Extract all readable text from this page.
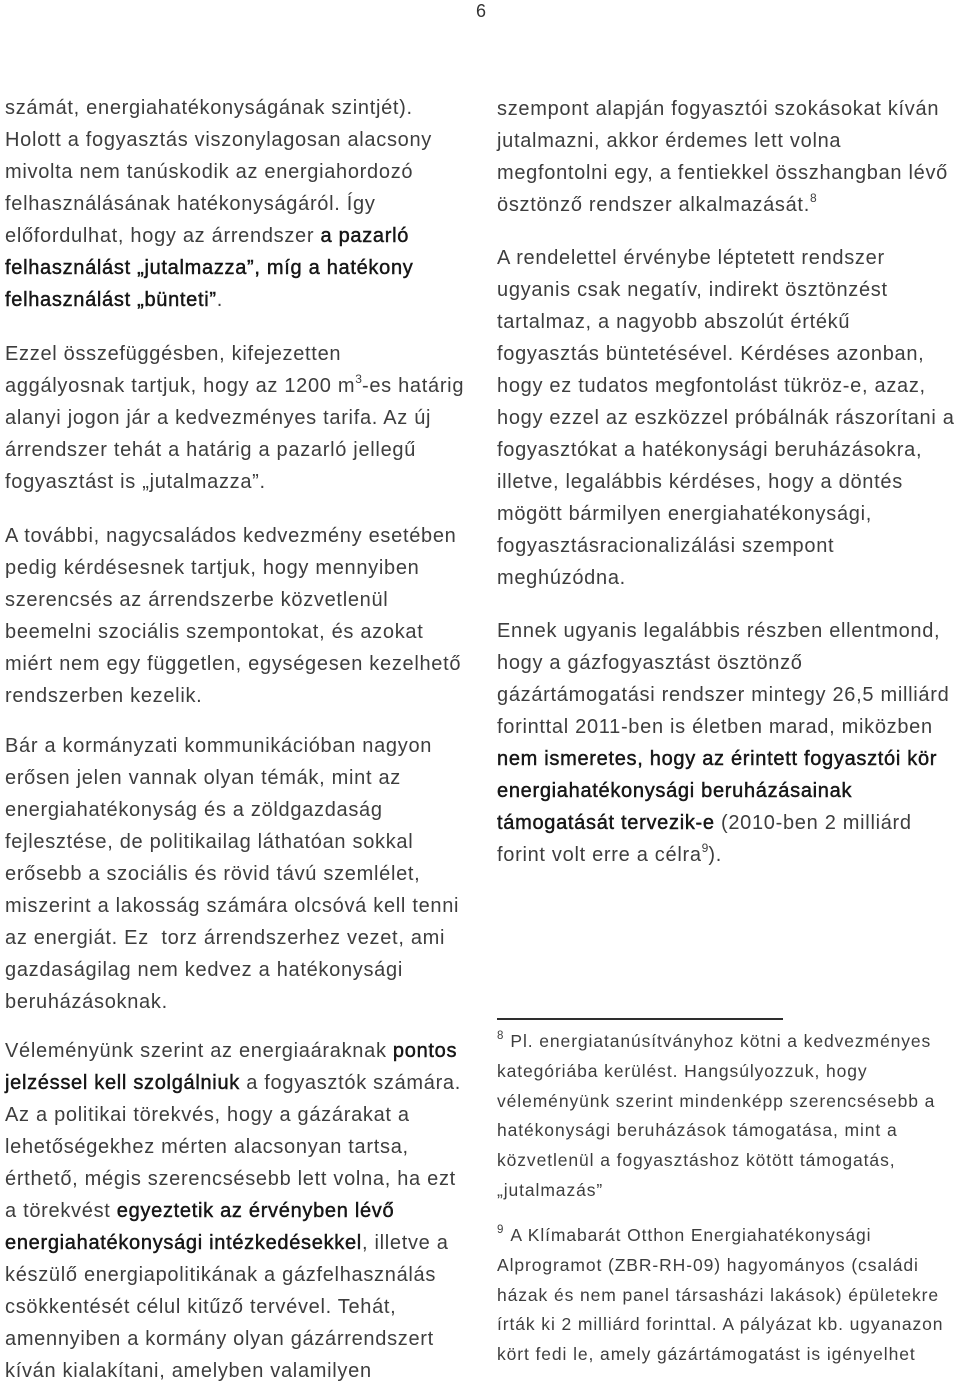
6
számát, energiahatékonyságának szintjét).
Holott a fogyasztás viszonylagosan alacsony
mivolta nem tanúskodik az energiahordozó
felhasználásának hatékonyságáról. Így
előfordulhat, hogy az árrendszer a pazarló
felhasználást „jutalmazza”, míg a hatékony
felhasználást „bünteti”.
Ezzel összefüggésben, kifejezetten
aggályosnak tartjuk, hogy az 1200 $m^3-es$ határig
alanyi jogon jár a kedvezményes tarifa. Az új
árrendszer tehát a határig a pazarló jellegű
fogyasztást is „jutalmazza”.
A további, nagycsaládos kedvezmény esetében
pedig kérdésesnek tartjuk, hogy mennyiben
szerencsés az árrendszerbe közvetlenül
beemelni szociális szempontokat, és azokat
miért nem egy független, egységesen kezelhető
rendszerben kezelik.
Bár a kormányzati kommunikációban nagyon
erősen jelen vannak olyan témák, mint az
energiahatékonyság és a zöldgazdaság
fejlesztése, de politikailag láthatóan sokkal
erősebb a szociális és rövid távú szemlélet,
miszerint a lakosság számára olcsóvá kell tenni
az energiát. Ez  torz árrendszerhez vezet, ami
gazdaságilag nem kedvez a hatékonysági
beruházásoknak.
Véleményünk szerint az energiaáraknak pontos
jelzéssel kell szolgálniuk a fogyasztók számára.
Az a politikai törekvés, hogy a gázárakat a
lehetőségekhez mérten alacsonyan tartsa,
érthető, mégis szerencsésebb lett volna, ha ezt
a törekvést egyeztetik az érvényben lévő
energiahatékonysági intézkedésekkel, illetve a
készülő energiapolitikának a gázfelhasználás
csökkentését célul kitűző tervével. Tehát,
amennyiben a kormány olyan gázárrendszert
kíván kialakítani, amelyben valamilyen
szempont alapján fogyasztói szokásokat kíván
jutalmazni, akkor érdemes lett volna
megfontolni egy, a fentiekkel összhangban lévő
ösztönző rendszer alkalmazását.$^8$
A rendelettel érvénybe léptetett rendszer
ugyanis csak negatív, indirekt ösztönzést
tartalmaz, a nagyobb abszolút értékű
fogyasztás büntetésével. Kérdéses azonban,
hogy ez tudatos megfontolást tükröz-e, azaz,
hogy ezzel az eszközzel próbálnák rászorítani a
fogyasztókat a hatékonysági beruházásokra,
illetve, legalábbis kérdéses, hogy a döntés
mögött bármilyen energiahatékonysági,
fogyasztásracionalizálási szempont
meghúzódna.
Ennek ugyanis legalábbis részben ellentmond,
hogy a gázfogyasztást ösztönző
gázártámogatási rendszer mintegy 26,5 milliárd
forinttal 2011-ben is életben marad, miközben
nem ismeretes, hogy az érintett fogyasztói kör
energiahatékonysági beruházásainak
támogatását tervezik-e (2010-ben 2 milliárd
forint volt erre a célra$^9$).
$^8$ Pl. energiatanúsítványhoz kötni a kedvezményes
kategóriába kerülést. Hangsúlyozzuk, hogy
véleményünk szerint mindenképp szerencsésebb a
hatékonysági beruházások támogatása, mint a
közvetlenül a fogyasztáshoz kötött támogatás,
„jutalmazás”
$^9$ A Klímabarát Otthon Energiahatékonysági
Alprogramot (ZBR-RH-09) hagyományos (családi
házak és nem panel társasházi lakások) épületekre
írták ki 2 milliárd forinttal. A pályázat kb. ugyanazon
kört fedi le, amely gázártámogatást is igényelhet
